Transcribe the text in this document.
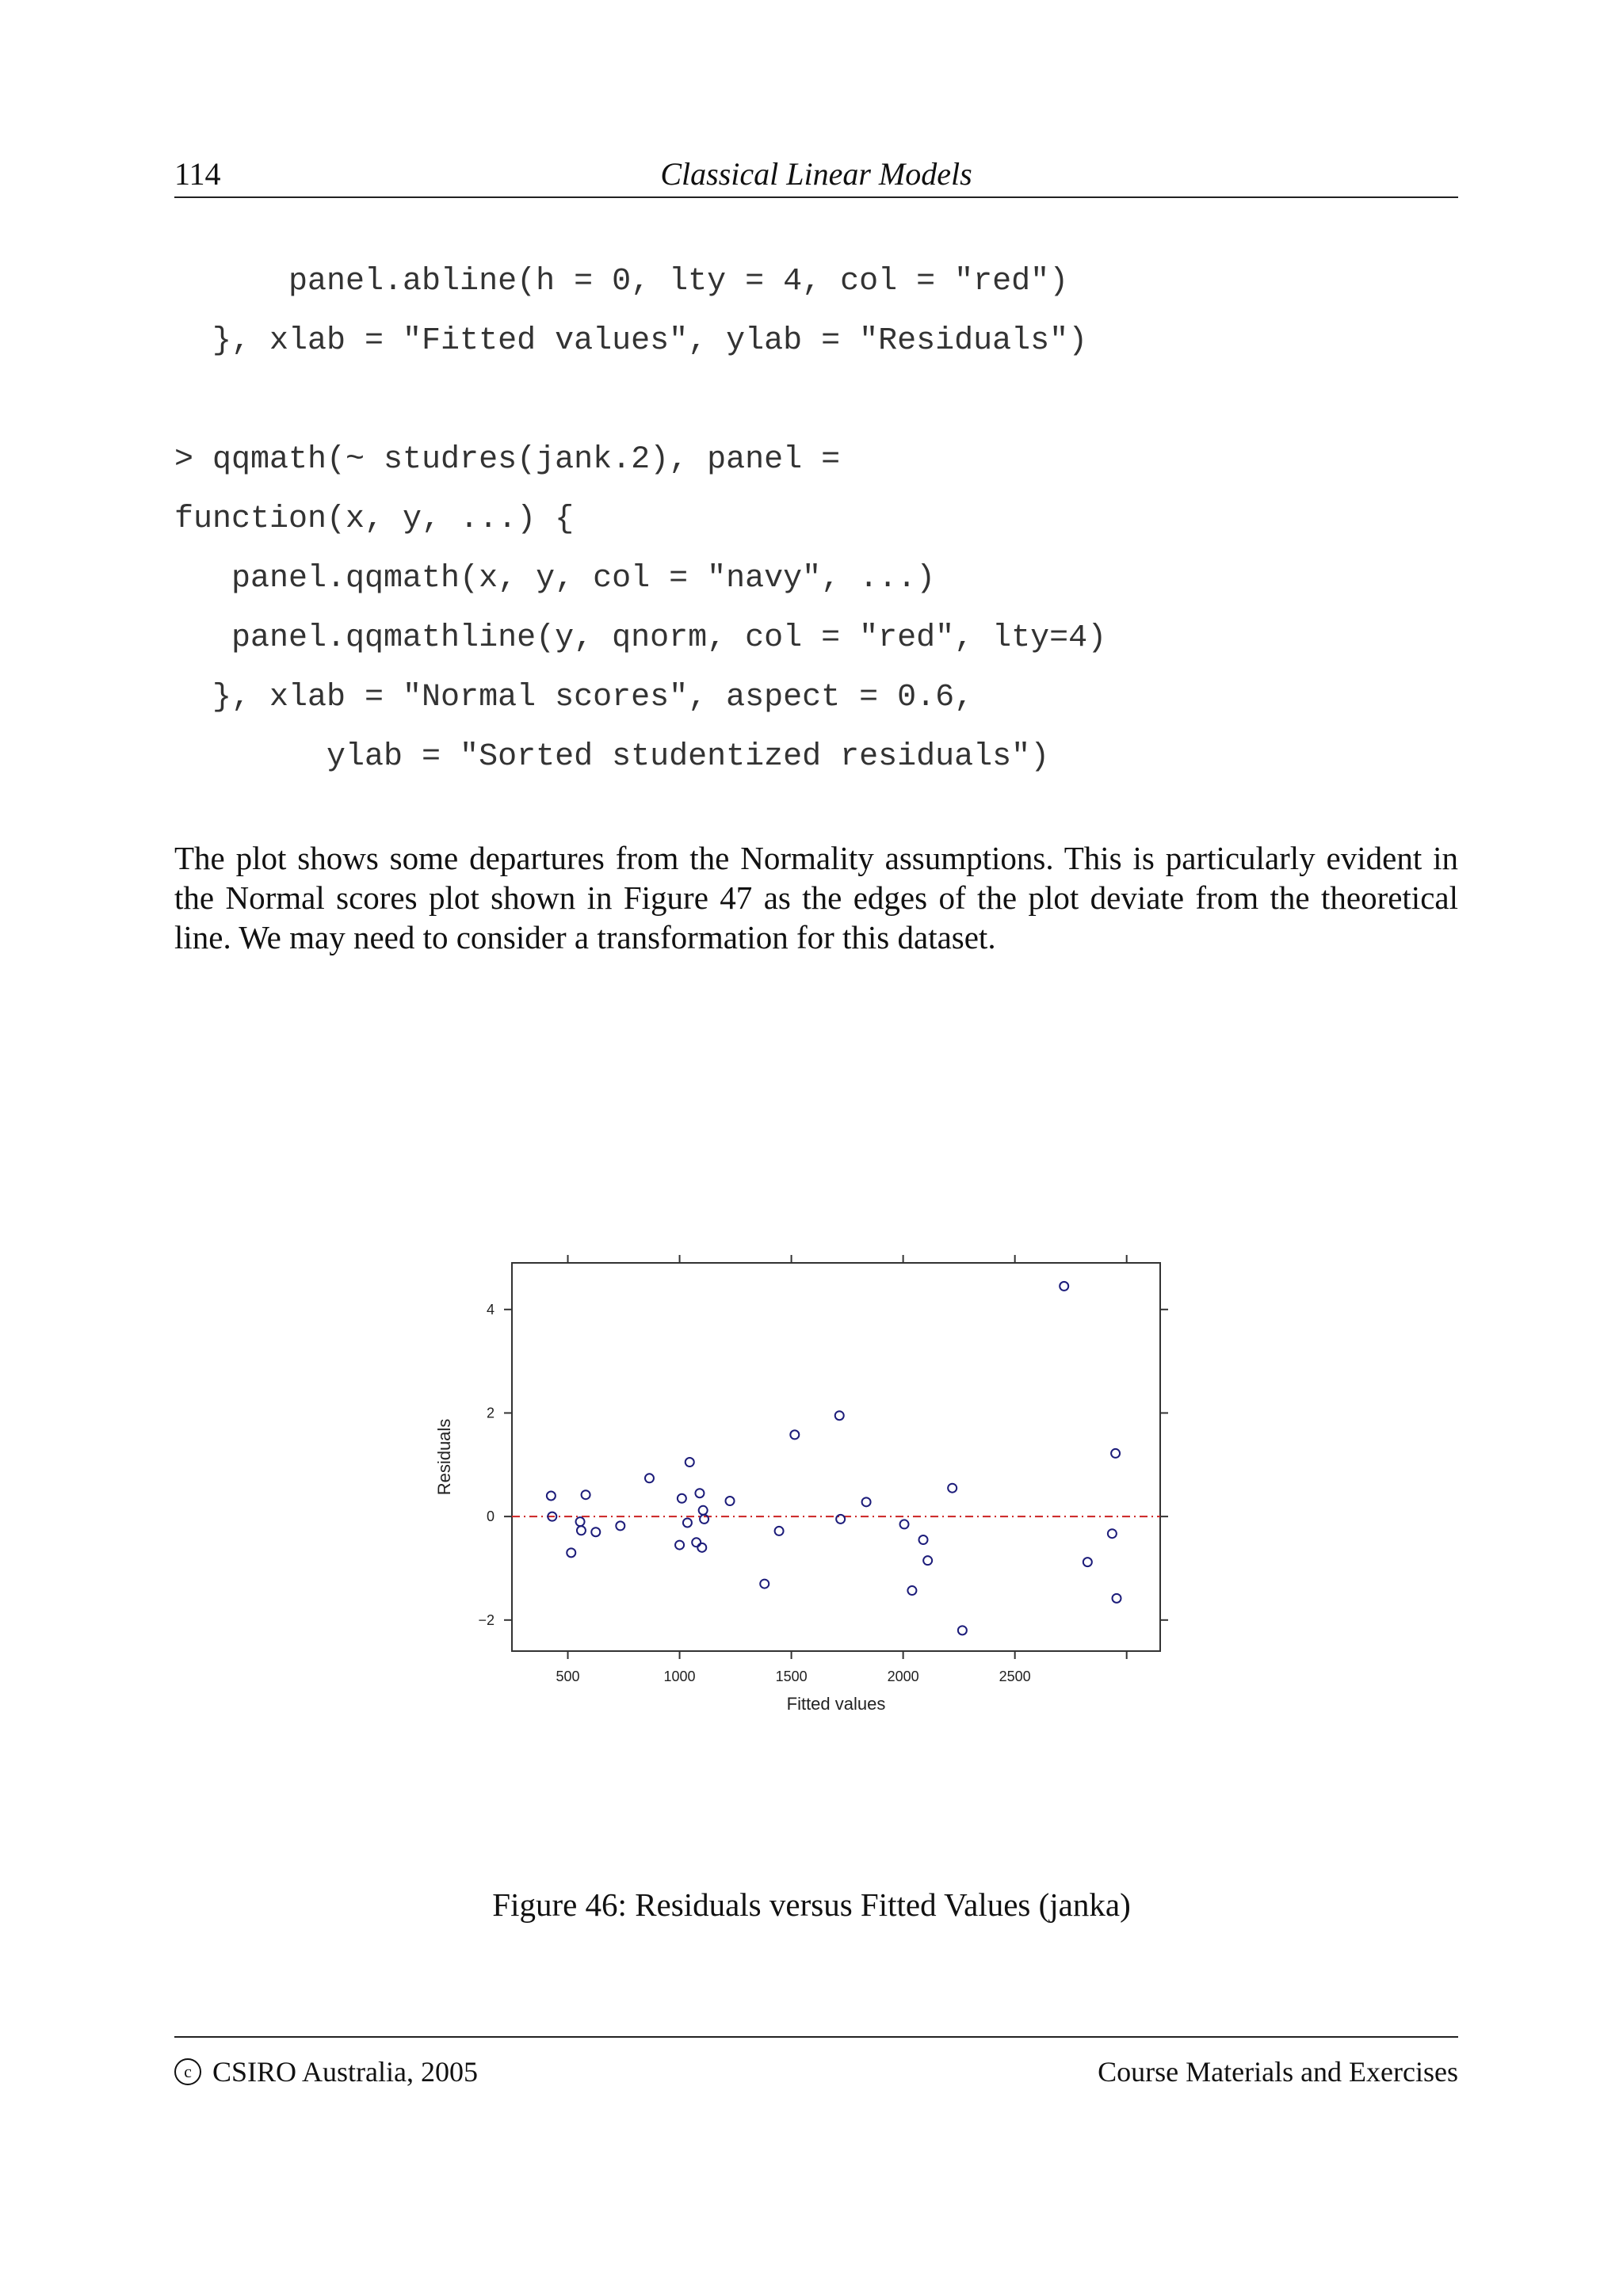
114	Classical Linear Models
panel.abline(h = 0, lty = 4, col = "red")
}, xlab = "Fitted values", ylab = "Residuals")
> qqmath(~ studres(jank.2), panel =
function(x, y, ...) {
panel.qqmath(x, y, col = "navy", ...)
panel.qqmathline(y, qnorm, col = "red", lty=4)
}, xlab = "Normal scores", aspect = 0.6,
ylab = "Sorted studentized residuals")

The plot shows some departures from the Normality assumptions. This is particularly evident in the Normal scores plot shown in Figure 47 as the edges of the plot deviate from the theoretical line. We may need to consider a transformation for this dataset.

500	1000	1500	2000	2500
−2
0
2
4
Fitted values
Residuals
Figure 46: Residuals versus Fitted Values (janka)
c CSIRO Australia, 2005	Course Materials and Exercises
